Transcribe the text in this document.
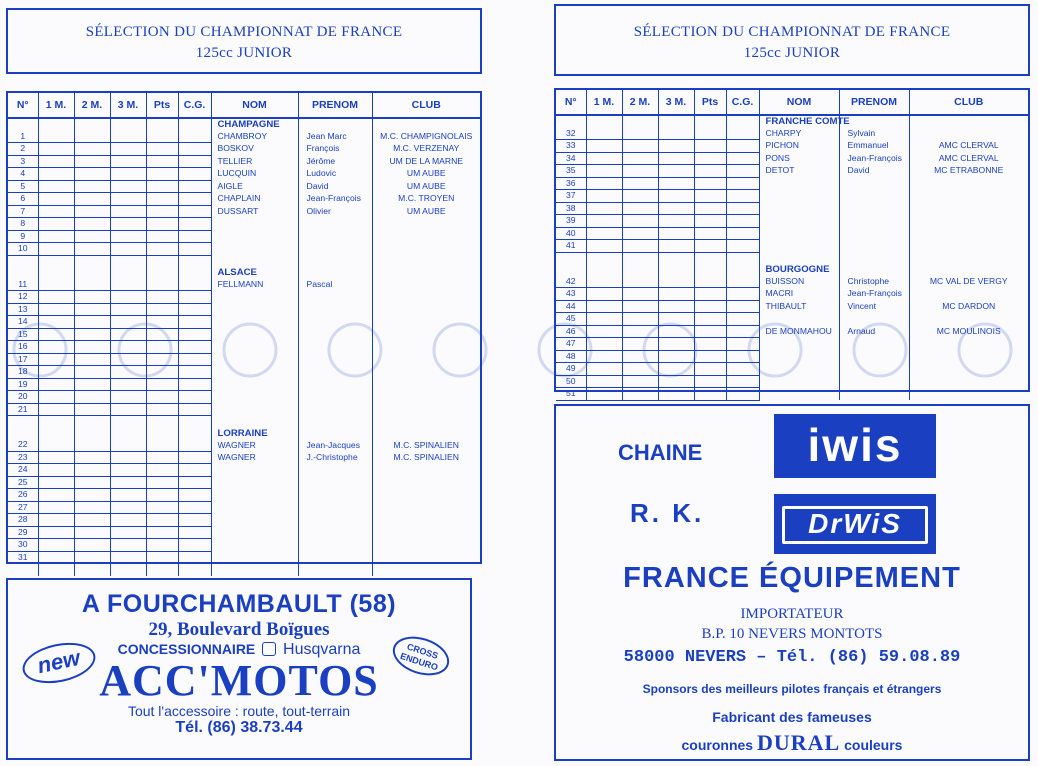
SÉLECTION DU CHAMPIONNAT DE FRANCE
125cc JUNIOR
N°	1 M.	2 M.	3 M.	Pts	C.G.	NOM	PRENOM	CLUB
						CHAMPAGNE		
1						CHAMBROY	Jean Marc	M.C. CHAMPIGNOLAIS
2						BOSKOV	François	M.C. VERZENAY
3						TELLIER	Jérôme	UM DE LA MARNE
4						LUCQUIN	Ludovic	UM AUBE
5						AIGLE	David	UM AUBE
6						CHAPLAIN	Jean-François	M.C. TROYEN
7						DUSSART	Olivier	UM AUBE
8								
9								
10								

						ALSACE		
11						FELLMANN	Pascal	
12								
13								
14								
15								
16								
17								
18								
19								
20								
21								

						LORRAINE		
22						WAGNER	Jean-Jacques	M.C. SPINALIEN
23						WAGNER	J.-Christophe	M.C. SPINALIEN
24								
25								
26								
27								
28								
29								
30								
31								

A FOURCHAMBAULT (58)
29, Boulevard Boïgues
CONCESSIONNAIRE Husqvarna
ACC'MOTOS
Tout l'accessoire : route, tout-terrain
Tél. (86) 38.73.44
new	CROSS ENDURO
SÉLECTION DU CHAMPIONNAT DE FRANCE
125cc JUNIOR
N°	1 M.	2 M.	3 M.	Pts	C.G.	NOM	PRENOM	CLUB
						FRANCHE COMTE		
32						CHARPY	Sylvain	
33						PICHON	Emmanuel	AMC CLERVAL
34						PONS	Jean-François	AMC CLERVAL
35						DETOT	David	MC ETRABONNE
36								
37								
38								
39								
40								
41								

						BOURGOGNE		
42						BUISSON	Christophe	MC VAL DE VERGY
43						MACRI	Jean-François	
44						THIBAULT	Vincent	MC DARDON
45								
46						DE MONMAHOU	Arnaud	MC MOULINOIS
47								
48								
49								
50								
51								
CHAINE	iwis
R. K.	DrWiS
FRANCE ÉQUIPEMENT
IMPORTATEUR
B.P. 10 NEVERS MONTOTS
58000 NEVERS – Tél. (86) 59.08.89
Sponsors des meilleurs pilotes français et étrangers
Fabricant des fameuses
couronnes DURAL couleurs
